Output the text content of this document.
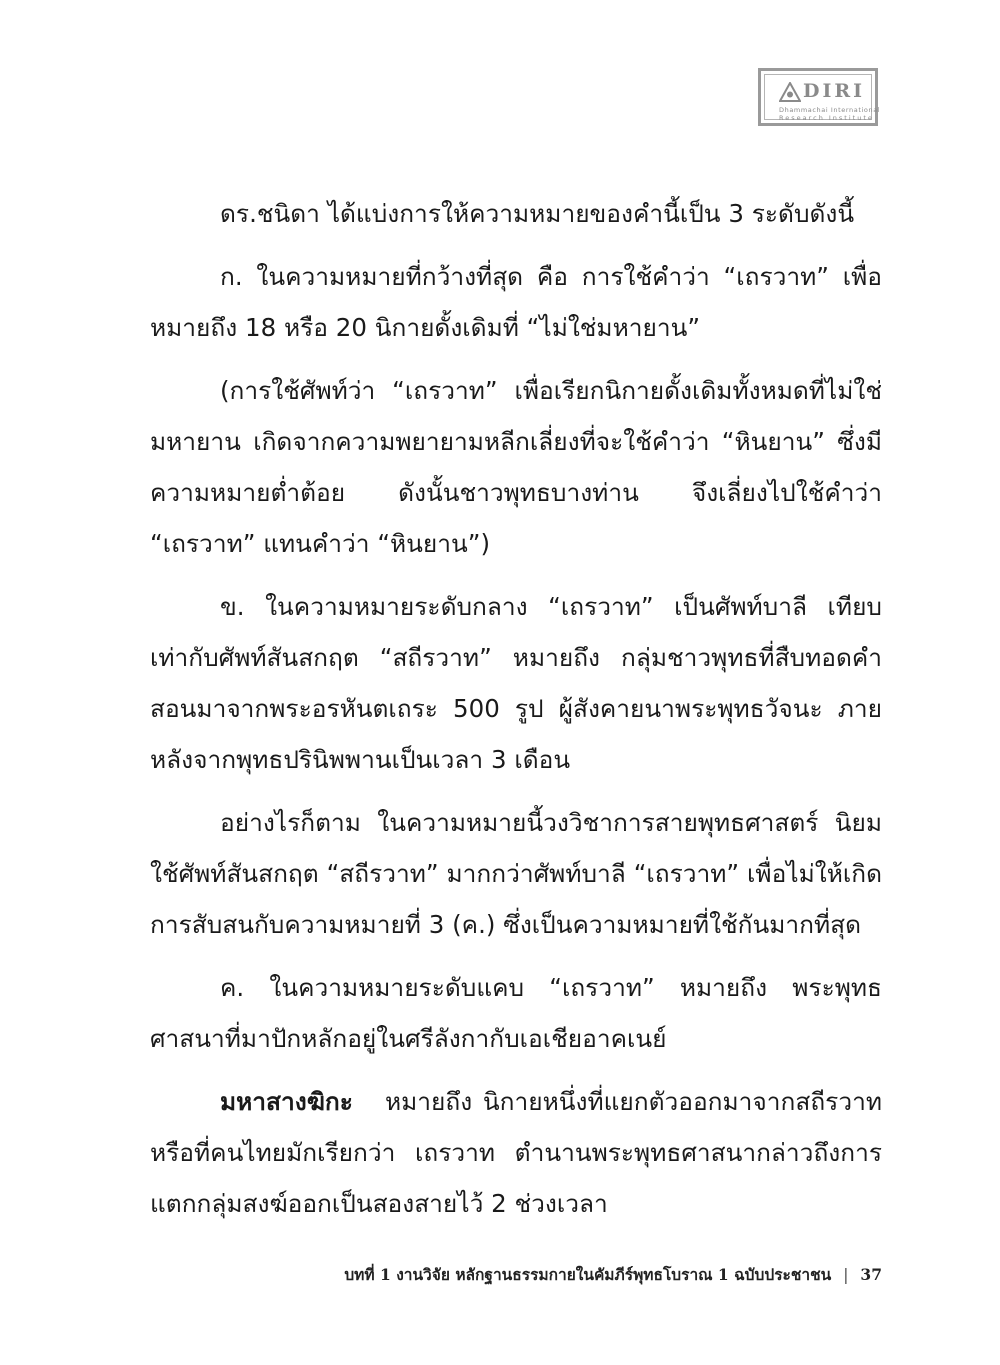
DIRI
Dhammachai International
Research Institute

ดร.ชนิดา ได้แบ่งการให้ความหมายของคำนี้เป็น 3 ระดับดังนี้

ก. ในความหมายที่กว้างที่สุด คือ การใช้คำว่า “เถรวาท” เพื่อหมายถึง 18 หรือ 20 นิกายดั้งเดิมที่ “ไม่ใช่มหายาน”

(การใช้ศัพท์ว่า “เถรวาท” เพื่อเรียกนิกายดั้งเดิมทั้งหมดที่ไม่ใช่มหายาน เกิดจากความพยายามหลีกเลี่ยงที่จะใช้คำว่า “หินยาน” ซึ่งมีความหมายต่ำต้อย ดังนั้นชาวพุทธบางท่าน จึงเลี่ยงไปใช้คำว่า “เถรวาท” แทนคำว่า “หินยาน”)

ข. ในความหมายระดับกลาง “เถรวาท” เป็นศัพท์บาลี เทียบเท่ากับศัพท์สันสกฤต “สถีรวาท” หมายถึง กลุ่มชาวพุทธที่สืบทอดคำสอนมาจากพระอรหันตเถระ 500 รูป ผู้สังคายนาพระพุทธวัจนะ ภายหลังจากพุทธปรินิพพานเป็นเวลา 3 เดือน

อย่างไรก็ตาม ในความหมายนี้วงวิชาการสายพุทธศาสตร์ นิยมใช้ศัพท์สันสกฤต “สถีรวาท” มากกว่าศัพท์บาลี “เถรวาท” เพื่อไม่ให้เกิดการสับสนกับความหมายที่ 3 (ค.) ซึ่งเป็นความหมายที่ใช้กันมากที่สุด

ค. ในความหมายระดับแคบ “เถรวาท” หมายถึง พระพุทธศาสนาที่มาปักหลักอยู่ในศรีลังกากับเอเชียอาคเนย์

มหาสางฆิกะ หมายถึง นิกายหนึ่งที่แยกตัวออกมาจากสถีรวาท หรือที่คนไทยมักเรียกว่า เถรวาท ตำนานพระพุทธศาสนากล่าวถึงการแตกกลุ่มสงฆ์ออกเป็นสองสายไว้ 2 ช่วงเวลา

บทที่ 1 งานวิจัย หลักฐานธรรมกายในคัมภีร์พุทธโบราณ 1 ฉบับประชาชน | 37
